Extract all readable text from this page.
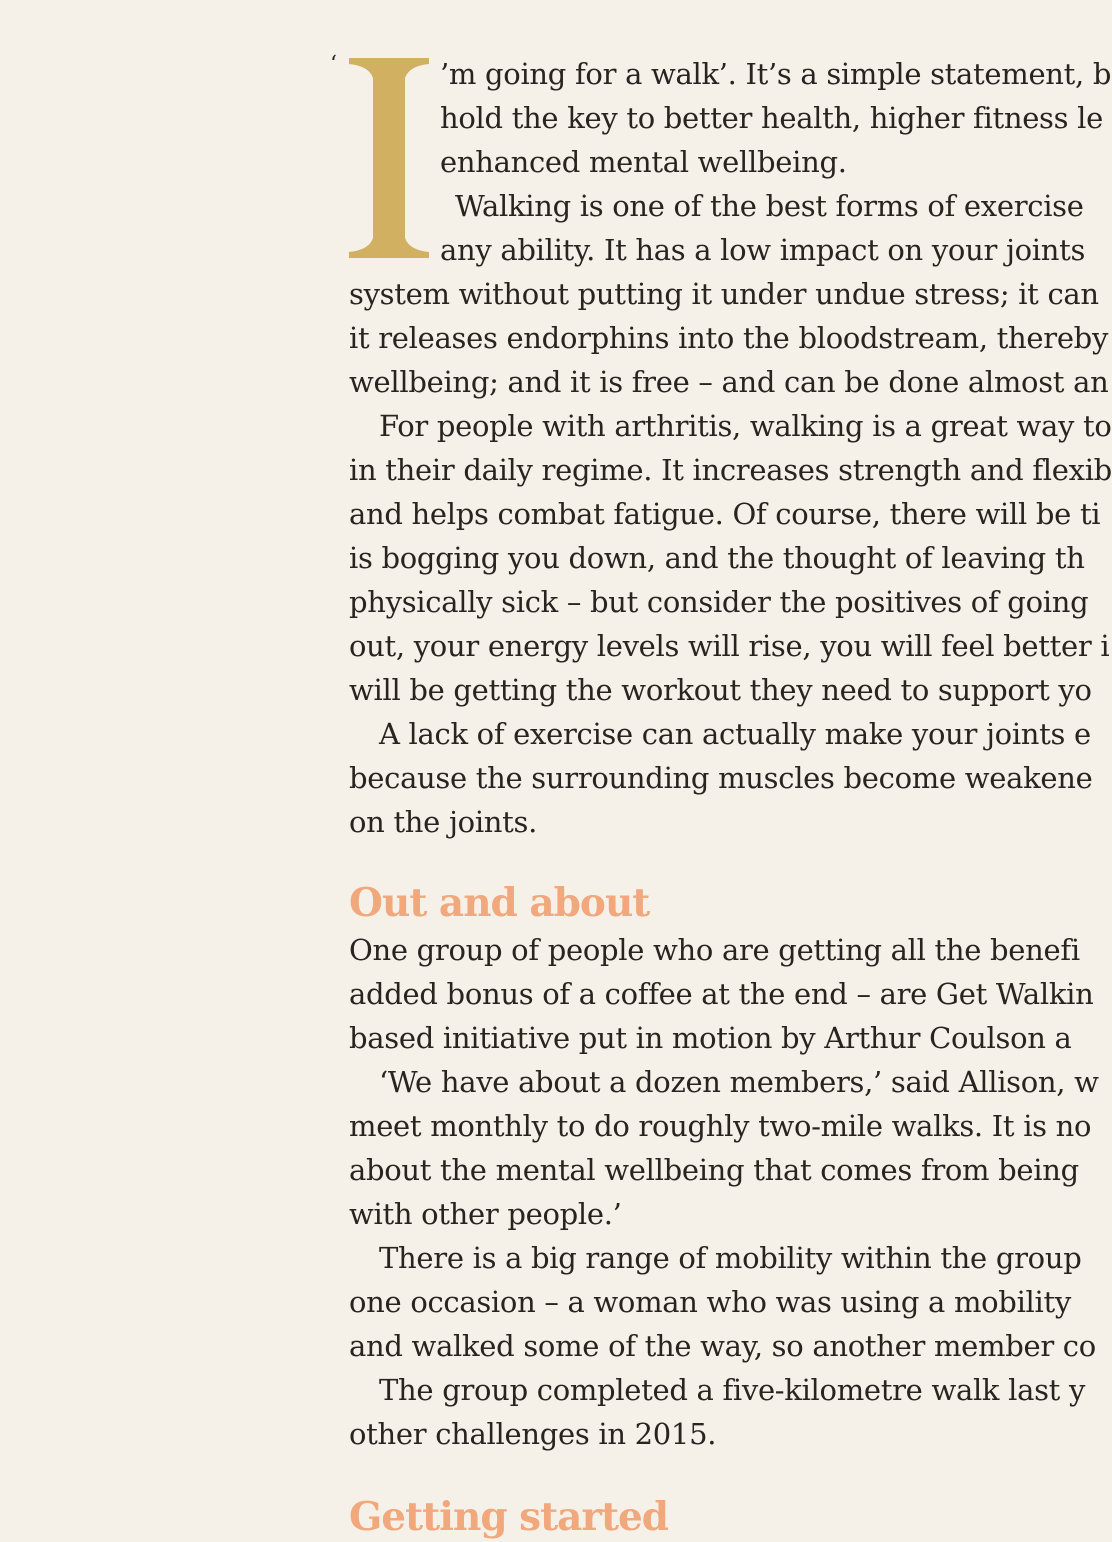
‘	’m going for a walk’. It’s a simple statement, b
hold the key to better health, higher fitness le
enhanced mental wellbeing.
Walking is one of the best forms of exercise
any ability. It has a low impact on your joints
system without putting it under undue stress; it can
it releases endorphins into the bloodstream, thereby
wellbeing; and it is free – and can be done almost an
For people with arthritis, walking is a great way to
in their daily regime. It increases strength and flexib
and helps combat fatigue. Of course, there will be ti
is bogging you down, and the thought of leaving th
physically sick – but consider the positives of going
out, your energy levels will rise, you will feel better i
will be getting the workout they need to support yo
A lack of exercise can actually make your joints e
because the surrounding muscles become weakene
on the joints.
Out and about
One group of people who are getting all the benefi
added bonus of a coffee at the end – are Get Walkin
based initiative put in motion by Arthur Coulson a
‘We have about a dozen members,’ said Allison, w
meet monthly to do roughly two-mile walks. It is no
about the mental wellbeing that comes from being
with other people.’
There is a big range of mobility within the group
one occasion – a woman who was using a mobility
and walked some of the way, so another member co
The group completed a five-kilometre walk last y
other challenges in 2015.
Getting started
